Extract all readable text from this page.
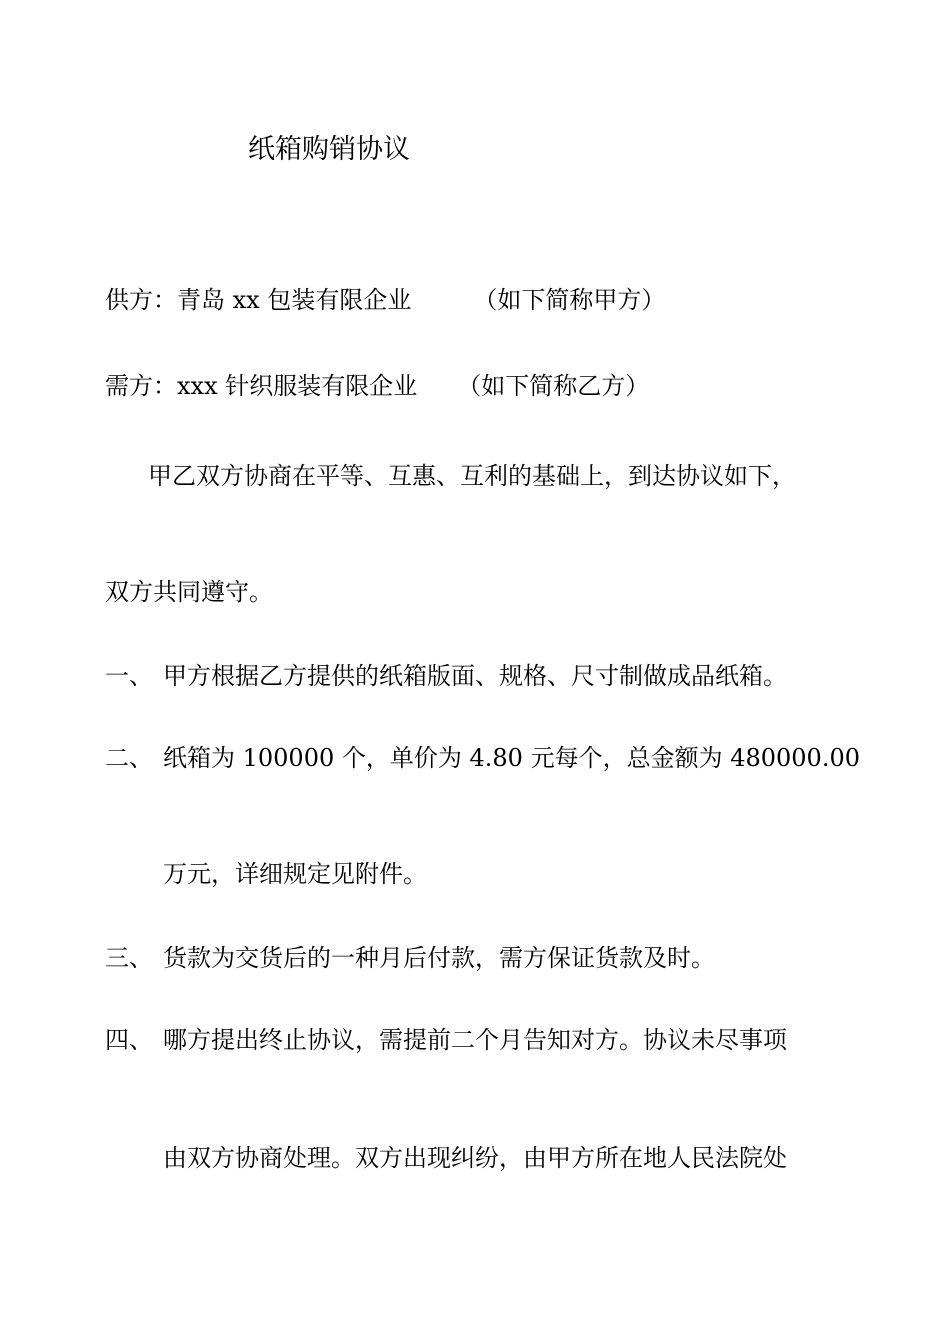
纸箱购销协议
供方：青岛 xx 包装有限企业	（如下简称甲方）
需方：xxx 针织服装有限企业 （如下简称乙方）
甲乙双方协商在平等、互惠、互利的基础上，到达协议如下，
双方共同遵守。
一、 甲方根据乙方提供的纸箱版面、规格、尺寸制做成品纸箱。
二、 纸箱为 100000 个，单价为 4.80 元每个，总金额为 480000.00
万元，详细规定见附件。
三、 货款为交货后的一种月后付款，需方保证货款及时。
四、 哪方提出终止协议，需提前二个月告知对方。协议未尽事项
由双方协商处理。双方出现纠纷，由甲方所在地人民法院处
